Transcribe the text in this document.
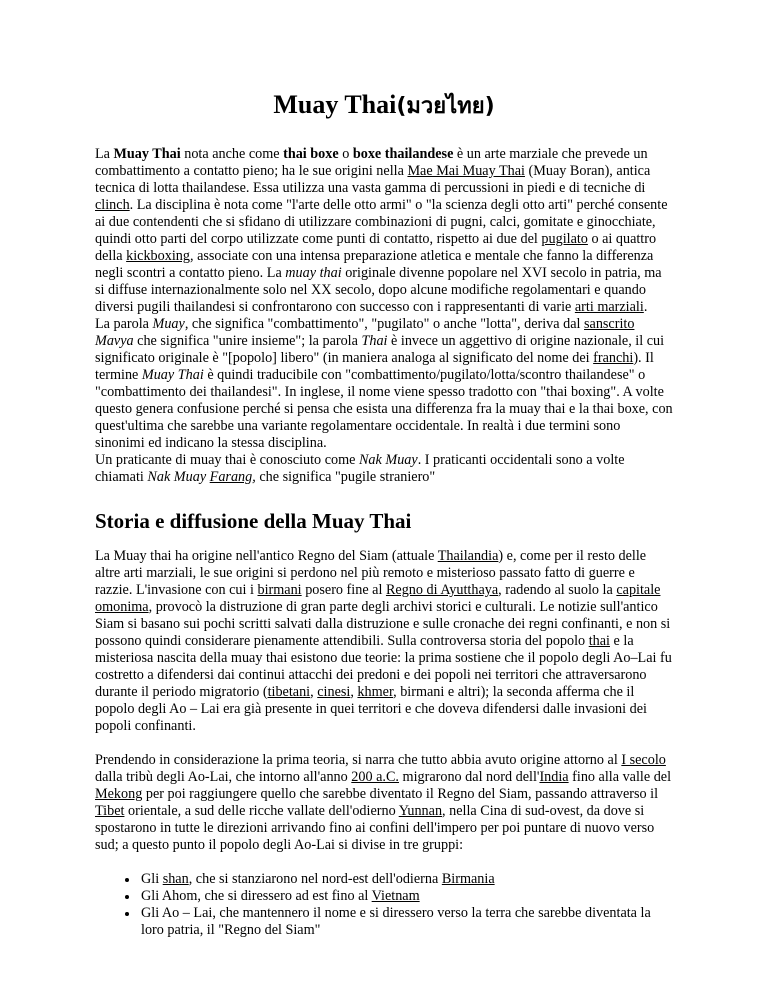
Muay Thai(มวยไทย)

La Muay Thai nota anche come thai boxe o boxe thailandese è un arte marziale che prevede un combattimento a contatto pieno; ha le sue origini nella Mae Mai Muay Thai (Muay Boran), antica tecnica di lotta thailandese. Essa utilizza una vasta gamma di percussioni in piedi e di tecniche di clinch. La disciplina è nota come "l'arte delle otto armi" o "la scienza degli otto arti" perché consente ai due contendenti che si sfidano di utilizzare combinazioni di pugni, calci, gomitate e ginocchiate, quindi otto parti del corpo utilizzate come punti di contatto, rispetto ai due del pugilato o ai quattro della kickboxing, associate con una intensa preparazione atletica e mentale che fanno la differenza negli scontri a contatto pieno. La muay thai originale divenne popolare nel XVI secolo in patria, ma si diffuse internazionalmente solo nel XX secolo, dopo alcune modifiche regolamentari e quando diversi pugili thailandesi si confrontarono con successo con i rappresentanti di varie arti marziali.
La parola Muay, che significa "combattimento", "pugilato" o anche "lotta", deriva dal sanscrito Mavya che significa "unire insieme"; la parola Thai è invece un aggettivo di origine nazionale, il cui significato originale è "[popolo] libero" (in maniera analoga al significato del nome dei franchi). Il termine Muay Thai è quindi traducibile con "combattimento/pugilato/lotta/scontro thailandese" o "combattimento dei thailandesi". In inglese, il nome viene spesso tradotto con "thai boxing". A volte questo genera confusione perché si pensa che esista una differenza fra la muay thai e la thai boxe, con quest'ultima che sarebbe una variante regolamentare occidentale. In realtà i due termini sono sinonimi ed indicano la stessa disciplina.
Un praticante di muay thai è conosciuto come Nak Muay. I praticanti occidentali sono a volte chiamati Nak Muay Farang, che significa "pugile straniero"

Storia e diffusione della Muay Thai

La Muay thai ha origine nell'antico Regno del Siam (attuale Thailandia) e, come per il resto delle altre arti marziali, le sue origini si perdono nel più remoto e misterioso passato fatto di guerre e razzie. L'invasione con cui i birmani posero fine al Regno di Ayutthaya, radendo al suolo la capitale omonima, provocò la distruzione di gran parte degli archivi storici e culturali. Le notizie sull'antico Siam si basano sui pochi scritti salvati dalla distruzione e sulle cronache dei regni confinanti, e non si possono quindi considerare pienamente attendibili. Sulla controversa storia del popolo thai e la misteriosa nascita della muay thai esistono due teorie: la prima sostiene che il popolo degli Ao–Lai fu costretto a difendersi dai continui attacchi dei predoni e dei popoli nei territori che attraversarono durante il periodo migratorio (tibetani, cinesi, khmer, birmani e altri); la seconda afferma che il popolo degli Ao – Lai era già presente in quei territori e che doveva difendersi dalle invasioni dei popoli confinanti.

Prendendo in considerazione la prima teoria, si narra che tutto abbia avuto origine attorno al I secolo dalla tribù degli Ao-Lai, che intorno all'anno 200 a.C. migrarono dal nord dell'India fino alla valle del Mekong per poi raggiungere quello che sarebbe diventato il Regno del Siam, passando attraverso il Tibet orientale, a sud delle ricche vallate dell'odierno Yunnan, nella Cina di sud-ovest, da dove si spostarono in tutte le direzioni arrivando fino ai confini dell'impero per poi puntare di nuovo verso sud; a questo punto il popolo degli Ao-Lai si divise in tre gruppi:

Gli shan, che si stanziarono nel nord-est dell'odierna Birmania
Gli Ahom, che si diressero ad est fino al Vietnam
Gli Ao – Lai, che mantennero il nome e si diressero verso la terra che sarebbe diventata la loro patria, il "Regno del Siam"
